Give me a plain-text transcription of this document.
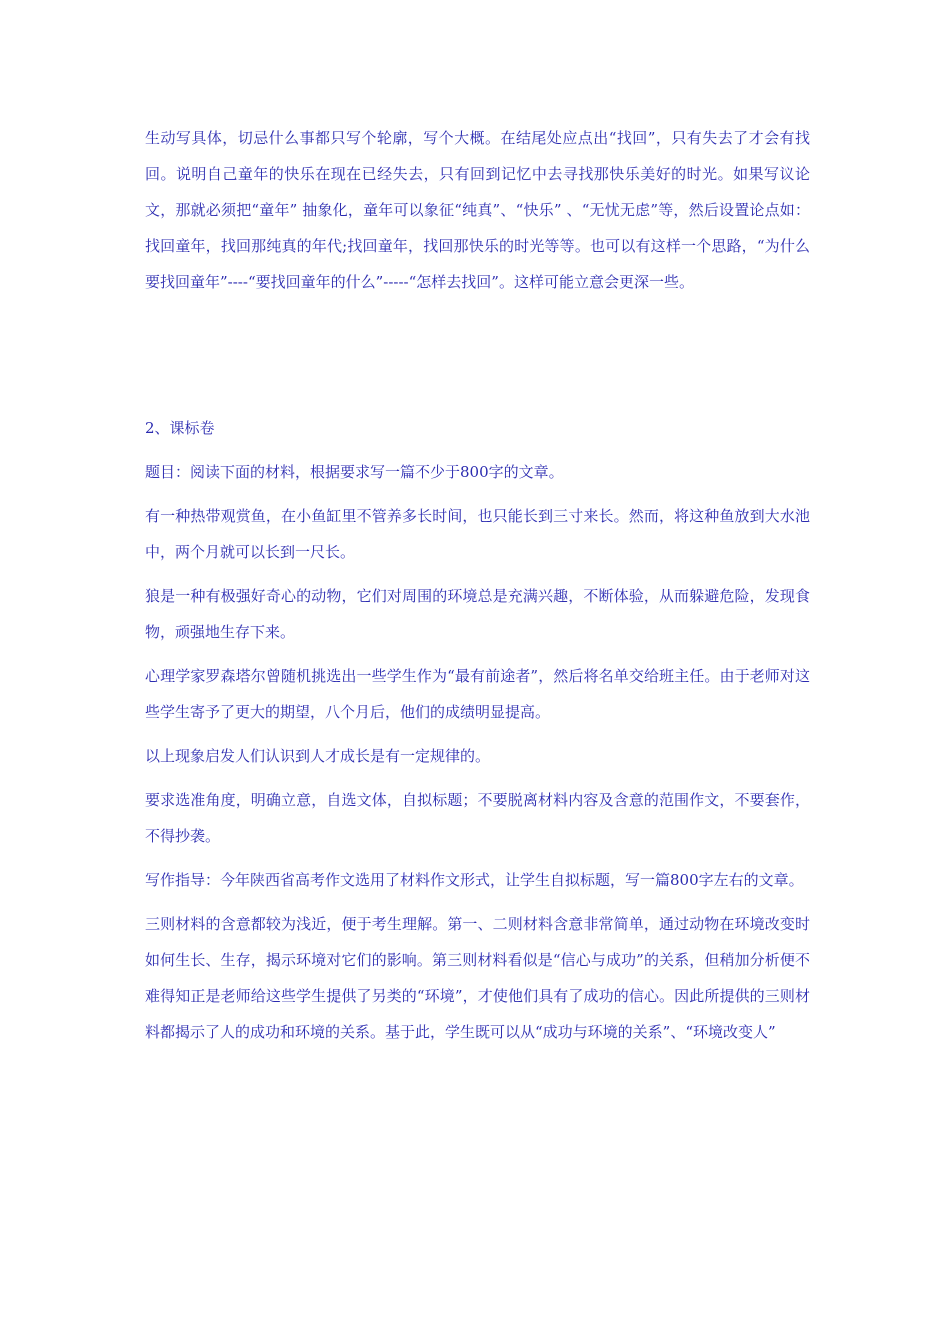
生动写具体，切忌什么事都只写个轮廓，写个大概。在结尾处应点出“找回”，只有失去了才会有找回。说明自己童年的快乐在现在已经失去，只有回到记忆中去寻找那快乐美好的时光。如果写议论文，那就必须把“童年” 抽象化，童年可以象征“纯真”、“快乐” 、“无忧无虑”等，然后设置论点如：找回童年，找回那纯真的年代;找回童年，找回那快乐的时光等等。也可以有这样一个思路，“为什么要找回童年”----“要找回童年的什么”-----“怎样去找回”。这样可能立意会更深一些。

2、课标卷

题目：阅读下面的材料，根据要求写一篇不少于800字的文章。

有一种热带观赏鱼，在小鱼缸里不管养多长时间，也只能长到三寸来长。然而，将这种鱼放到大水池中，两个月就可以长到一尺长。

狼是一种有极强好奇心的动物，它们对周围的环境总是充满兴趣，不断体验，从而躲避危险，发现食物，顽强地生存下来。

心理学家罗森塔尔曾随机挑选出一些学生作为“最有前途者”，然后将名单交给班主任。由于老师对这些学生寄予了更大的期望，八个月后，他们的成绩明显提高。

以上现象启发人们认识到人才成长是有一定规律的。

要求选准角度，明确立意，自选文体，自拟标题；不要脱离材料内容及含意的范围作文，不要套作，不得抄袭。

写作指导：今年陕西省高考作文选用了材料作文形式，让学生自拟标题，写一篇800字左右的文章。

三则材料的含意都较为浅近，便于考生理解。第一、二则材料含意非常简单，通过动物在环境改变时如何生长、生存，揭示环境对它们的影响。第三则材料看似是“信心与成功”的关系，但稍加分析便不难得知正是老师给这些学生提供了另类的“环境”，才使他们具有了成功的信心。因此所提供的三则材料都揭示了人的成功和环境的关系。基于此，学生既可以从“成功与环境的关系”、“环境改变人”
